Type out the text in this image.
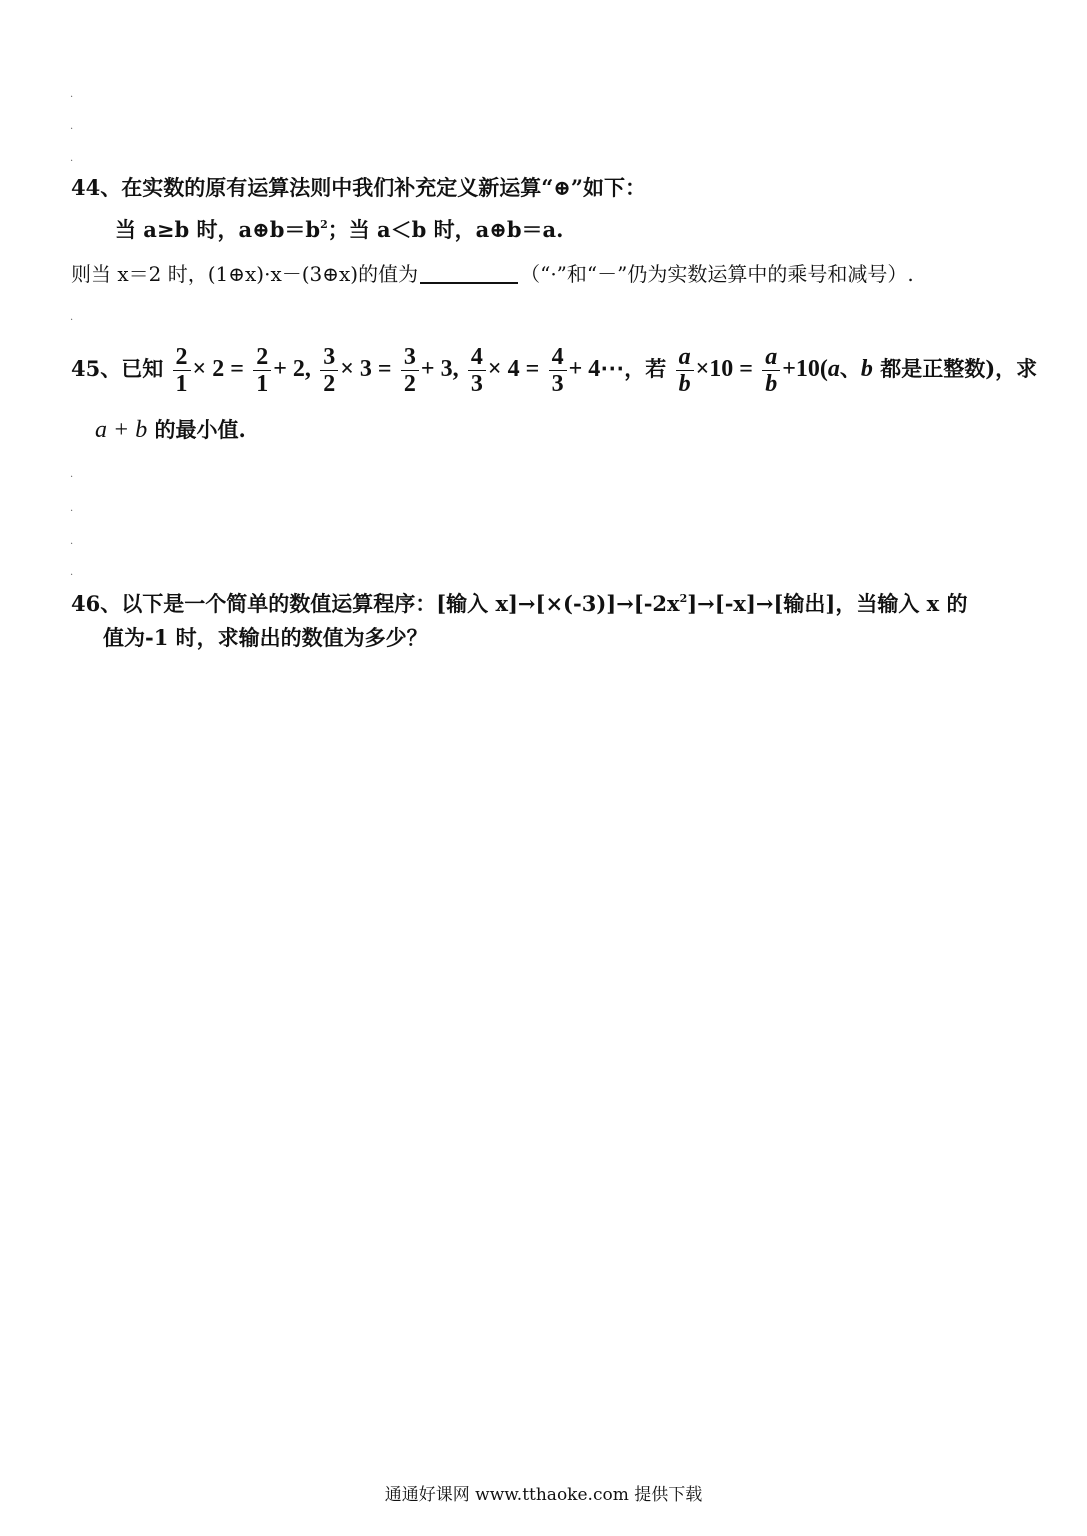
.
.
.
.
.
.
.
.
44、在实数的原有运算法则中我们补充定义新运算“⊕”如下：
当 a≥b 时，$a\oplus b=b^2$；当 a＜b 时，a⊕b＝a.
则当 x＝2 时，(1⊕x)·x－(3⊕x)的值为	（“·”和“－”仍为实数运算中的乘号和减号）.
45、已知 $\frac{2}{1} \times 2 = \frac{2}{1} + 2$, $\frac{3}{2} \times 3 = \frac{3}{2} + 3$, $\frac{4}{3} \times 4 = \frac{4}{3}$ + 4⋯，若 $\frac{a}{b} \times 10 = \frac{a}{b} +10(a$、b 都是正整数)，求
a + b 的最小值.
46、以下是一个简单的数值运算程序：[输入 $x]\to[\times(-3)]\to[-2x^2]\to[-x]\to$[输出]，当输入 x 的
值为-1 时，求输出的数值为多少？
通通好课网 www.tthaoke.com 提供下载
